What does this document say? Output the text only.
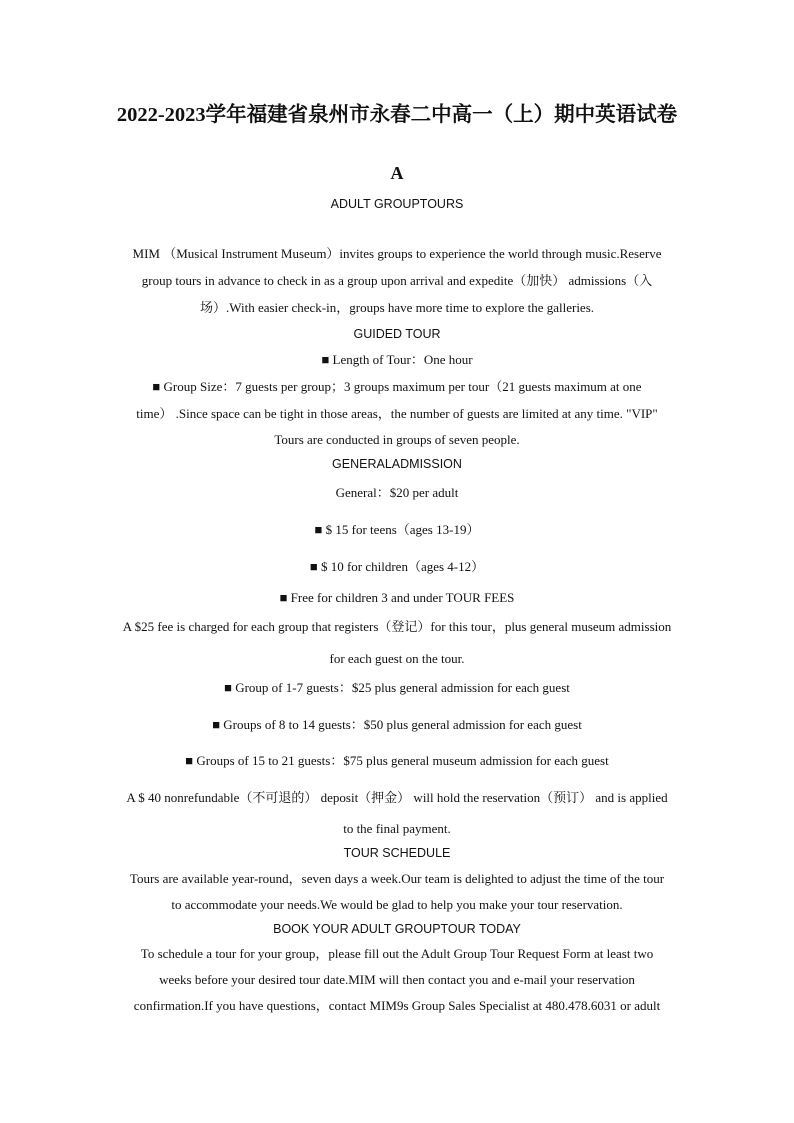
2022-2023学年福建省泉州市永春二中高一（上）期中英语试卷
A
ADULT GROUPTOURS
MIM （Musical Instrument Museum）invites groups to experience the world through music.Reserve
group tours in advance to check in as a group upon arrival and expedite（加快） admissions（入
场）.With easier check-in，groups have more time to explore the galleries.
GUIDED TOUR
■ Length of Tour：One hour
■ Group Size：7 guests per group；3 groups maximum per tour（21 guests maximum at one
time） .Since space can be tight in those areas，the number of guests are limited at any time. "VIP"
Tours are conducted in groups of seven people.
GENERALADMISSION
General：$20 per adult
■ $ 15 for teens（ages 13-19）
■ $ 10 for children（ages 4-12）
■ Free for children 3 and under TOUR FEES
A $25 fee is charged for each group that registers（登记）for this tour，plus general museum admission
for each guest on the tour.
■ Group of 1-7 guests：$25 plus general admission for each guest
■ Groups of 8 to 14 guests：$50 plus general admission for each guest
■ Groups of 15 to 21 guests：$75 plus general museum admission for each guest
A $ 40 nonrefundable（不可退的） deposit（押金） will hold the reservation（预订） and is applied
to the final payment.
TOUR SCHEDULE
Tours are available year-round，seven days a week.Our team is delighted to adjust the time of the tour
to accommodate your needs.We would be glad to help you make your tour reservation.
BOOK YOUR ADULT GROUPTOUR TODAY
To schedule a tour for your group，please fill out the Adult Group Tour Request Form at least two
weeks before your desired tour date.MIM will then contact you and e-mail your reservation
confirmation.If you have questions，contact MIM9s Group Sales Specialist at 480.478.6031 or adult
